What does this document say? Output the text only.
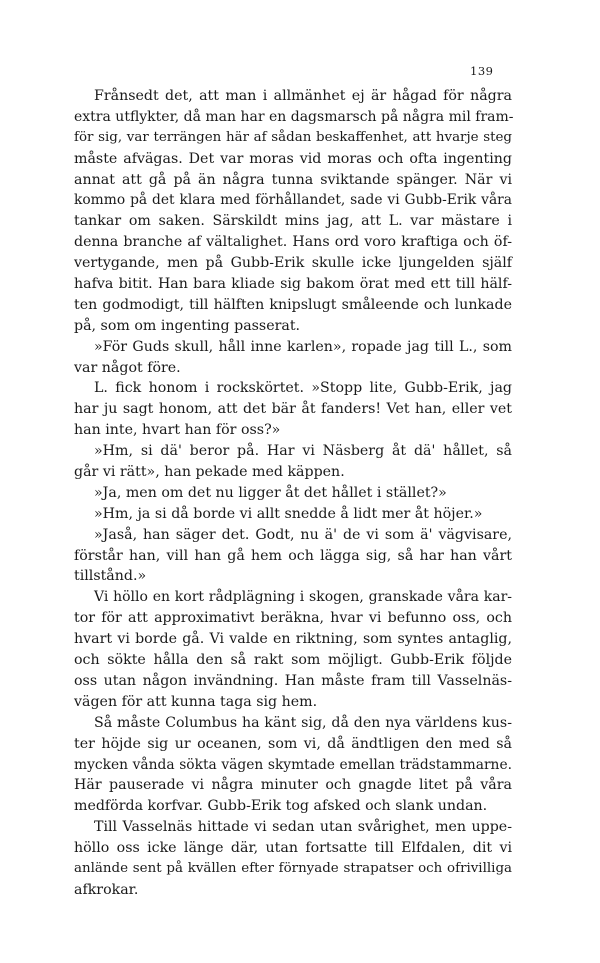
139
Frånsedt det, att man i allmänhet ej är hågad för några
extra utflykter, då man har en dagsmarsch på några mil fram-
för sig, var terrängen här af sådan beskaffenhet, att hvarje steg
måste afvägas. Det var moras vid moras och ofta ingenting
annat att gå på än några tunna sviktande spänger. När vi
kommo på det klara med förhållandet, sade vi Gubb-Erik våra
tankar om saken. Särskildt mins jag, att L. var mästare i
denna branche af vältalighet. Hans ord voro kraftiga och öf-
vertygande, men på Gubb-Erik skulle icke ljungelden själf
hafva bitit. Han bara kliade sig bakom örat med ett till hälf-
ten godmodigt, till hälften knipslugt småleende och lunkade
på, som om ingenting passerat.
»För Guds skull, håll inne karlen», ropade jag till L., som
var något före.
L. fick honom i rockskörtet. »Stopp lite, Gubb-Erik, jag
har ju sagt honom, att det bär åt fanders! Vet han, eller vet
han inte, hvart han för oss?»
»Hm, si dä' beror på. Har vi Näsberg åt dä' hållet, så
går vi rätt», han pekade med käppen.
»Ja, men om det nu ligger åt det hållet i stället?»
»Hm, ja si då borde vi allt snedde å lidt mer åt höjer.»
»Jaså, han säger det. Godt, nu ä' de vi som ä' vägvisare,
förstår han, vill han gå hem och lägga sig, så har han vårt
tillstånd.»
Vi höllo en kort rådplägning i skogen, granskade våra kar-
tor för att approximativt beräkna, hvar vi befunno oss, och
hvart vi borde gå. Vi valde en riktning, som syntes antaglig,
och sökte hålla den så rakt som möjligt. Gubb-Erik följde
oss utan någon invändning. Han måste fram till Vasselnäs-
vägen för att kunna taga sig hem.
Så måste Columbus ha känt sig, då den nya världens kus-
ter höjde sig ur oceanen, som vi, då ändtligen den med så
mycken vånda sökta vägen skymtade emellan trädstammarne.
Här pauserade vi några minuter och gnagde litet på våra
medförda korfvar. Gubb-Erik tog afsked och slank undan.
Till Vasselnäs hittade vi sedan utan svårighet, men uppe-
höllo oss icke länge där, utan fortsatte till Elfdalen, dit vi
anlände sent på kvällen efter förnyade strapatser och ofrivilliga
afkrokar.
